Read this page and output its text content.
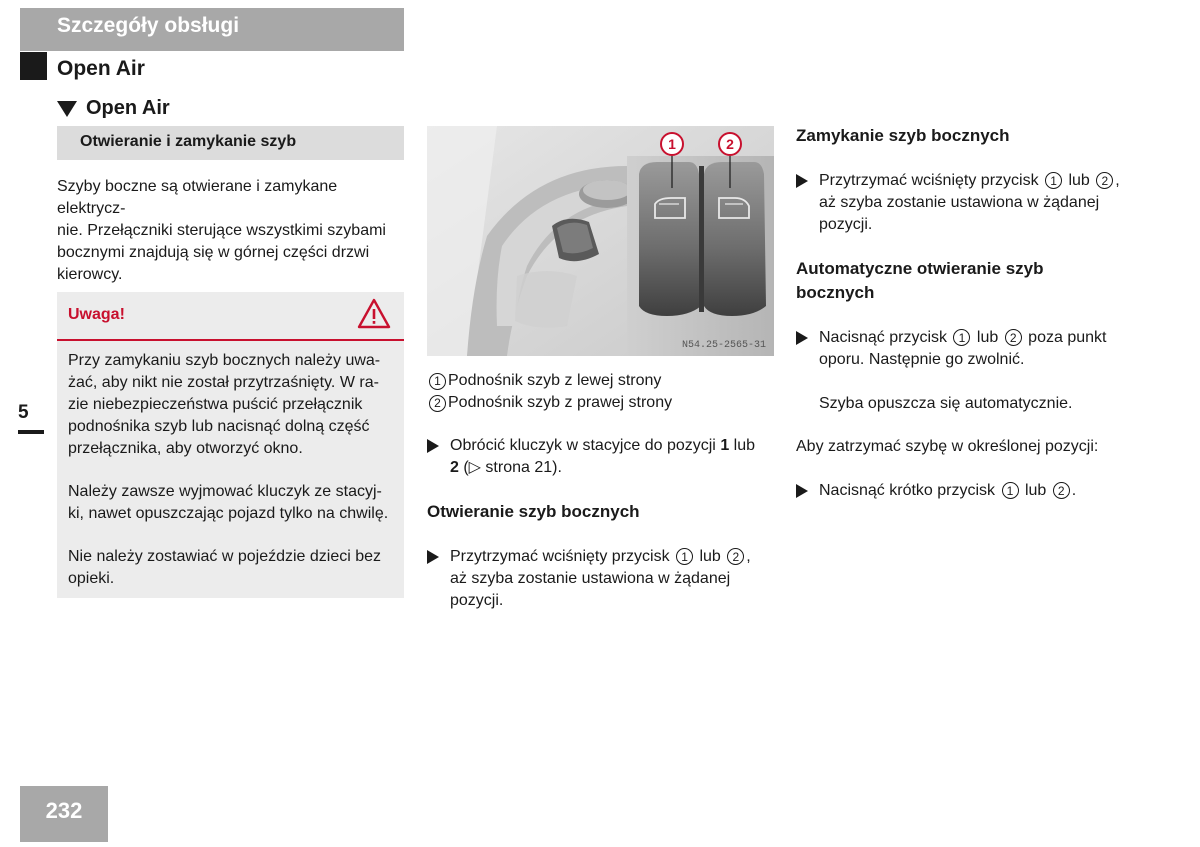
Szczegóły obsługi
Open Air
Open Air
Otwieranie i zamykanie szyb
Szyby boczne są otwierane i zamykane elektrycz-
nie. Przełączniki sterujące wszystkimi szybami
bocznymi znajdują się w górnej części drzwi
kierowcy.
Uwaga!
Przy zamykaniu szyb bocznych należy uwa-
żać, aby nikt nie został przytrzaśnięty. W ra-
zie niebezpieczeństwa puścić przełącznik
podnośnika szyb lub nacisnąć dolną część
przełącznika, aby otworzyć okno.
Należy zawsze wyjmować kluczyk ze stacyj-
ki, nawet opuszczając pojazd tylko na chwilę.
Nie należy zostawiać w pojeździe dzieci bez
opieki.
5
232
1	2
N54.25-2565-31
1 Podnośnik szyb z lewej strony
2 Podnośnik szyb z prawej strony
Obrócić kluczyk w stacyjce do pozycji 1 lub
2 (▷ strona 21).
Otwieranie szyb bocznych
Przytrzymać wciśnięty przycisk 1 lub 2 ,
aż szyba zostanie ustawiona w żądanej
pozycji.
Zamykanie szyb bocznych
Przytrzymać wciśnięty przycisk 1 lub 2 ,
aż szyba zostanie ustawiona w żądanej
pozycji.
Automatyczne otwieranie szyb
bocznych
Nacisnąć przycisk 1 lub 2 poza punkt
oporu. Następnie go zwolnić.
Szyba opuszcza się automatycznie.
Aby zatrzymać szybę w określonej pozycji:
Nacisnąć krótko przycisk 1 lub 2 .
